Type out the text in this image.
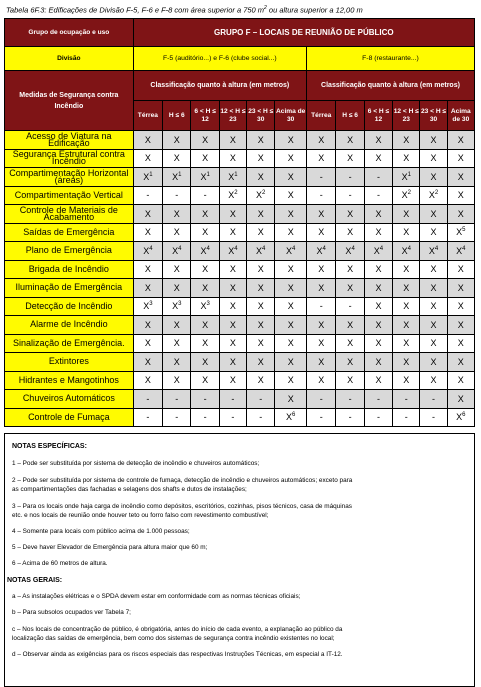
Tabela 6F.3: Edificações de Divisão F-5, F-6 e F-8 com área superior a 750 $m^2$ ou altura superior a 12,00 m
Grupo de ocupação e uso	GRUPO F – LOCAIS DE REUNIÃO DE PÚBLICO											
Divisão	F-5 (auditório...) e F-6 (clube social...)						F-8 (restaurante...)					
Medidas de Segurança contra Incêndio	Classificação quanto à altura (em metros)						Classificação quanto à altura (em metros)					
	Térrea	H ≤ 6	6 < H ≤ 12	12 < H ≤ 23	23 < H ≤ 30	Acima de 30	Térrea	H ≤ 6	6 < H ≤ 12	12 < H ≤ 23	23 < H ≤ 30	Acima de 30
Acesso de Viatura na Edificação	X	X	X	X	X	X	X	X	X	X	X	X
Segurança Estrutural contra Incêndio	X	X	X	X	X	X	X	X	X	X	X	X
Compartimentação Horizontal (áreas)	$X^1$	$X^1$	$X^1$	$X^1$	X	X	-	-	-	$X^1$	X	X
Compartimentação Vertical	-	-	-	$X^2$	$X^2$	X	-	-	-	$X^2$	$X^2$	X
Controle de Materiais de Acabamento	X	X	X	X	X	X	X	X	X	X	X	X
Saídas de Emergência	X	X	X	X	X	X	X	X	X	X	X	$X^5$
Plano de Emergência	$X^4$	$X^4$	$X^4$	$X^4$	$X^4$	$X^4$	$X^4$	$X^4$	$X^4$	$X^4$	$X^4$	$X^4$
Brigada de Incêndio	X	X	X	X	X	X	X	X	X	X	X	X
Iluminação de Emergência	X	X	X	X	X	X	X	X	X	X	X	X
Detecção de Incêndio	$X^3$	$X^3$	$X^3$	X	X	X	-	-	X	X	X	X
Alarme de Incêndio	X	X	X	X	X	X	X	X	X	X	X	X
Sinalização de Emergência.	X	X	X	X	X	X	X	X	X	X	X	X
Extintores	X	X	X	X	X	X	X	X	X	X	X	X
Hidrantes e Mangotinhos	X	X	X	X	X	X	X	X	X	X	X	X
Chuveiros Automáticos	-	-	-	-	-	X	-	-	-	-	-	X
Controle de Fumaça	-	-	-	-	-	$X^6$	-	-	-	-	-	$X^6$
NOTAS ESPECÍFICAS:
1 – Pode ser substituída por sistema de detecção de incêndio e chuveiros automáticos;
2 – Pode ser substituída por sistema de controle de fumaça, detecção de incêndio e chuveiros automáticos; exceto para
as compartimentações das fachadas e selagens dos shafts e dutos de instalações;
3 – Para os locais onde haja carga de incêndio como depósitos, escritórios, cozinhas, pisos técnicos, casa de máquinas
etc. e nos locais de reunião onde houver teto ou forro falso com revestimento combustível;
4 – Somente para locais com público acima de 1.000 pessoas;
5 – Deve haver Elevador de Emergência para altura maior que 60 m;
6 – Acima de 60 metros de altura.
NOTAS GERAIS:
a – As instalações elétricas e o SPDA devem estar em conformidade com as normas técnicas oficiais;
b – Para subsolos ocupados ver Tabela 7;
c – Nos locais de concentração de público, é obrigatória, antes do início de cada evento, a explanação ao público da
localização das saídas de emergência, bem como dos sistemas de segurança contra incêndio existentes no local;
d – Observar ainda as exigências para os riscos especiais das respectivas Instruções Técnicas, em especial a IT-12.
